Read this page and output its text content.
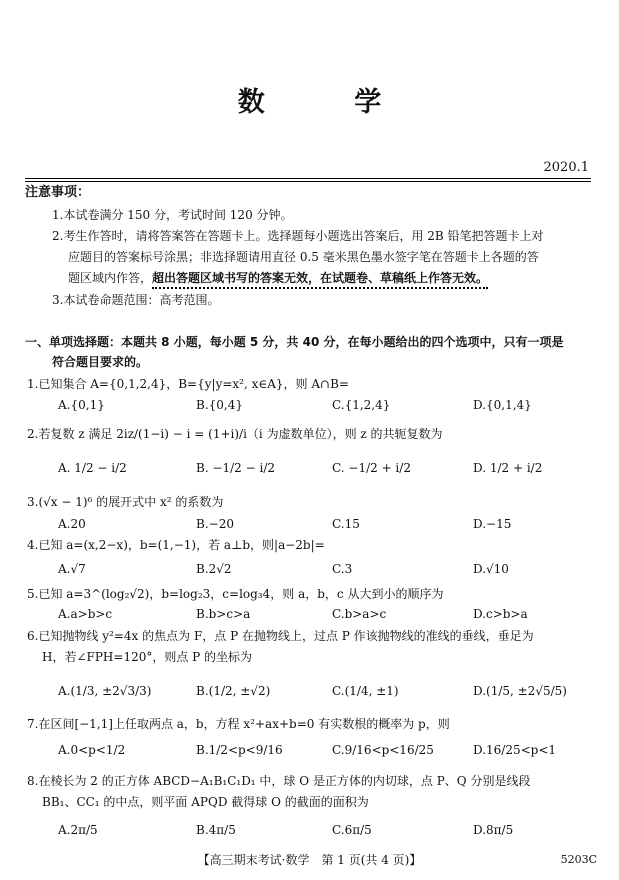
数 学
2020.1
注意事项：
1.本试卷满分 150 分，考试时间 120 分钟。
2.考生作答时，请将答案答在答题卡上。选择题每小题选出答案后，用 2B 铅笔把答题卡上对
应题目的答案标号涂黑；非选择题请用直径 0.5 毫米黑色墨水签字笔在答题卡上各题的答
题区域内作答，超出答题区域书写的答案无效，在试题卷、草稿纸上作答无效。
3.本试卷命题范围：高考范围。
一、单项选择题：本题共 8 小题，每小题 5 分，共 40 分，在每小题给出的四个选项中，只有一项是
符合题目要求的。
1.已知集合 A={0,1,2,4}，B={y|y=x², x∈A}，则 A∩B=
A.{0,1}	B.{0,4}	C.{1,2,4}	D.{0,1,4}
2.若复数 z 满足 2iz/(1−i) − i = (1+i)/i（i 为虚数单位），则 z 的共轭复数为
A. 1/2 − i/2	B. −1/2 − i/2	C. −1/2 + i/2	D. 1/2 + i/2
3.(√x − 1)⁶ 的展开式中 x² 的系数为
A.20	B.−20	C.15	D.−15
4.已知 a=(x,2−x)，b=(1,−1)，若 a⊥b，则|a−2b|=
A.√7	B.2√2	C.3	D.√10
5.已知 a=3^(log₂√2)，b=log₂3，c=log₃4，则 a，b，c 从大到小的顺序为
A.a>b>c	B.b>c>a	C.b>a>c	D.c>b>a
6.已知抛物线 y²=4x 的焦点为 F，点 P 在抛物线上，过点 P 作该抛物线的准线的垂线，垂足为
H，若∠FPH=120°，则点 P 的坐标为
A.(1/3, ±2√3/3)	B.(1/2, ±√2)	C.(1/4, ±1)	D.(1/5, ±2√5/5)
7.在区间[−1,1]上任取两点 a，b，方程 x²+ax+b=0 有实数根的概率为 p，则
A.0<p<1/2	B.1/2<p<9/16	C.9/16<p<16/25	D.16/25<p<1
8.在棱长为 2 的正方体 ABCD−A₁B₁C₁D₁ 中，球 O 是正方体的内切球，点 P、Q 分别是线段
BB₁、CC₁ 的中点，则平面 APQD 截得球 O 的截面的面积为
A.2π/5	B.4π/5	C.6π/5	D.8π/5
【高三期末考试·数学　第 1 页(共 4 页)】	5203C
